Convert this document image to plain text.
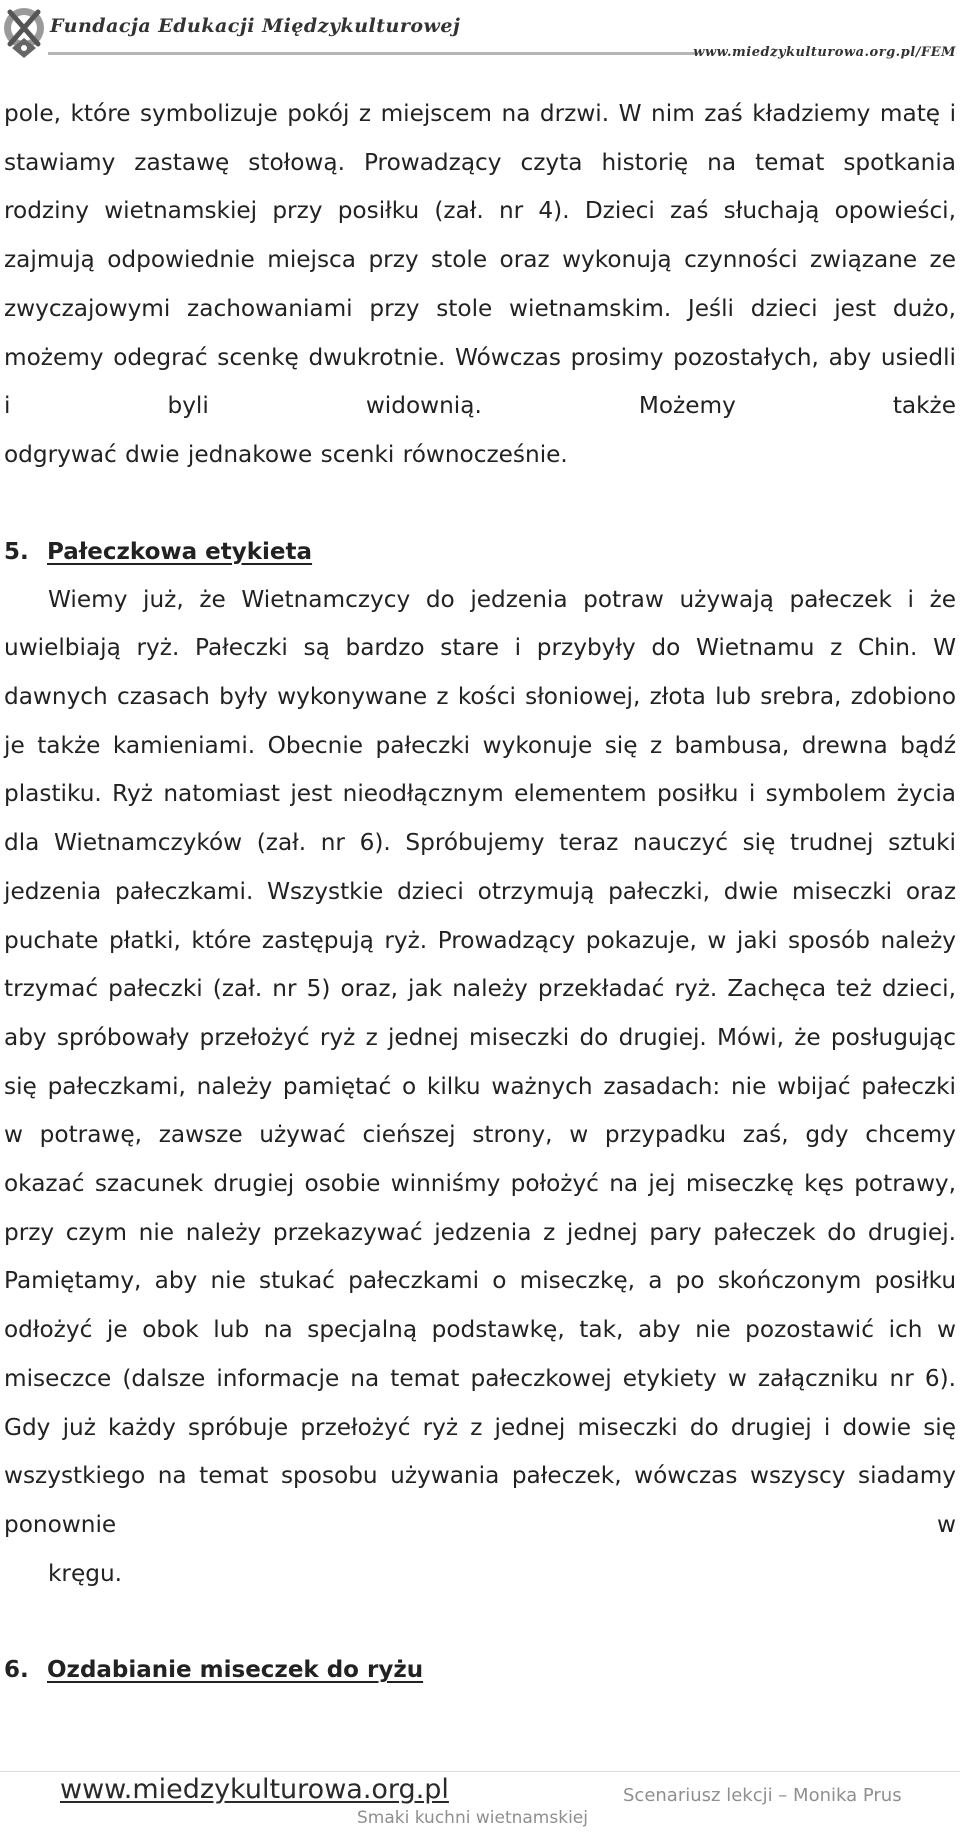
Fundacja Edukacji Międzykulturowej
www.miedzykulturowa.org.pl/FEM

pole, które symbolizuje pokój z miejscem na drzwi. W nim zaś kładziemy matę i stawiamy zastawę stołową. Prowadzący czyta historię na temat spotkania rodziny wietnamskiej przy posiłku (zał. nr 4). Dzieci zaś słuchają opowieści, zajmują odpowiednie miejsca przy stole oraz wykonują czynności związane ze zwyczajowymi zachowaniami przy stole wietnamskim. Jeśli dzieci jest dużo, możemy odegrać scenkę dwukrotnie. Wówczas prosimy pozostałych, aby usiedli i byli widownią. Możemy także
odgrywać dwie jednakowe scenki równocześnie.

5. Pałeczkowa etykieta

Wiemy już, że Wietnamczycy do jedzenia potraw używają pałeczek i że uwielbiają ryż. Pałeczki są bardzo stare i przybyły do Wietnamu z Chin. W dawnych czasach były wykonywane z kości słoniowej, złota lub srebra, zdobiono je także kamieniami. Obecnie pałeczki wykonuje się z bambusa, drewna bądź plastiku. Ryż natomiast jest nieodłącznym elementem posiłku i symbolem życia dla Wietnamczyków (zał. nr 6). Spróbujemy teraz nauczyć się trudnej sztuki jedzenia pałeczkami. Wszystkie dzieci otrzymują pałeczki, dwie miseczki oraz puchate płatki, które zastępują ryż. Prowadzący pokazuje, w jaki sposób należy trzymać pałeczki (zał. nr 5) oraz, jak należy przekładać ryż. Zachęca też dzieci, aby spróbowały przełożyć ryż z jednej miseczki do drugiej. Mówi, że posługując się pałeczkami, należy pamiętać o kilku ważnych zasadach: nie wbijać pałeczki w potrawę, zawsze używać cieńszej strony, w przypadku zaś, gdy chcemy okazać szacunek drugiej osobie winniśmy położyć na jej miseczkę kęs potrawy, przy czym nie należy przekazywać jedzenia z jednej pary pałeczek do drugiej. Pamiętamy, aby nie stukać pałeczkami o miseczkę, a po skończonym posiłku odłożyć je obok lub na specjalną podstawkę, tak, aby nie pozostawić ich w miseczce (dalsze informacje na temat pałeczkowej etykiety w załączniku nr 6). Gdy już każdy spróbuje przełożyć ryż z jednej miseczki do drugiej i dowie się wszystkiego na temat sposobu używania pałeczek, wówczas wszyscy siadamy ponownie w
kręgu.

6. Ozdabianie miseczek do ryżu
www.miedzykulturowa.org.pl	Scenariusz lekcji – Monika Prus
Smaki kuchni wietnamskiej
